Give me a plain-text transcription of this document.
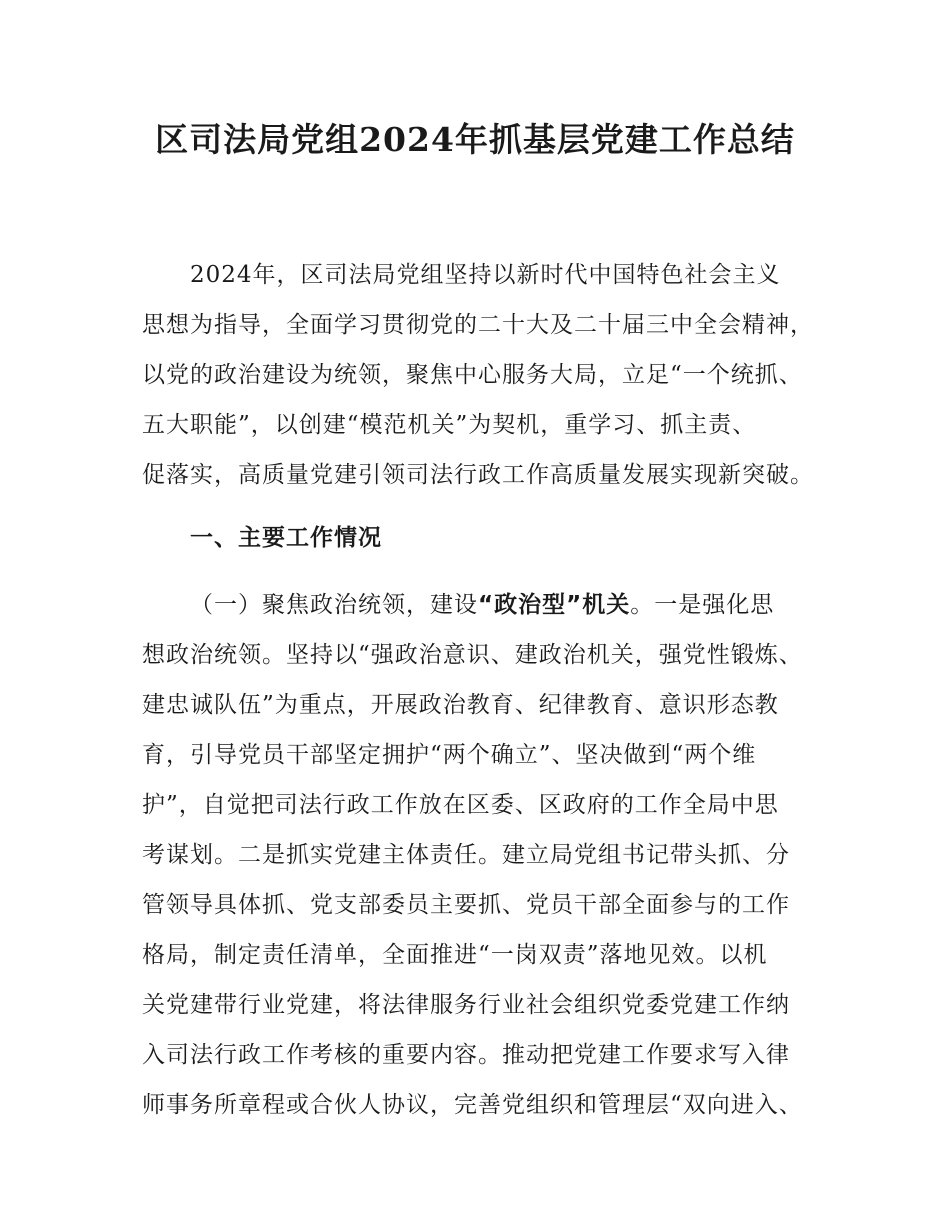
区司法局党组2024年抓基层党建工作总结
2024年，区司法局党组坚持以新时代中国特色社会主义
思想为指导，全面学习贯彻党的二十大及二十届三中全会精神，
以党的政治建设为统领，聚焦中心服务大局，立足“一个统抓、
五大职能”，以创建“模范机关”为契机，重学习、抓主责、
促落实，高质量党建引领司法行政工作高质量发展实现新突破。
一、主要工作情况
（一）聚焦政治统领，建设“政治型”机关。一是强化思
想政治统领。坚持以“强政治意识、建政治机关，强党性锻炼、
建忠诚队伍”为重点，开展政治教育、纪律教育、意识形态教
育，引导党员干部坚定拥护“两个确立”、坚决做到“两个维
护”，自觉把司法行政工作放在区委、区政府的工作全局中思
考谋划。二是抓实党建主体责任。建立局党组书记带头抓、分
管领导具体抓、党支部委员主要抓、党员干部全面参与的工作
格局，制定责任清单，全面推进“一岗双责”落地见效。以机
关党建带行业党建，将法律服务行业社会组织党委党建工作纳
入司法行政工作考核的重要内容。推动把党建工作要求写入律
师事务所章程或合伙人协议，完善党组织和管理层“双向进入、
